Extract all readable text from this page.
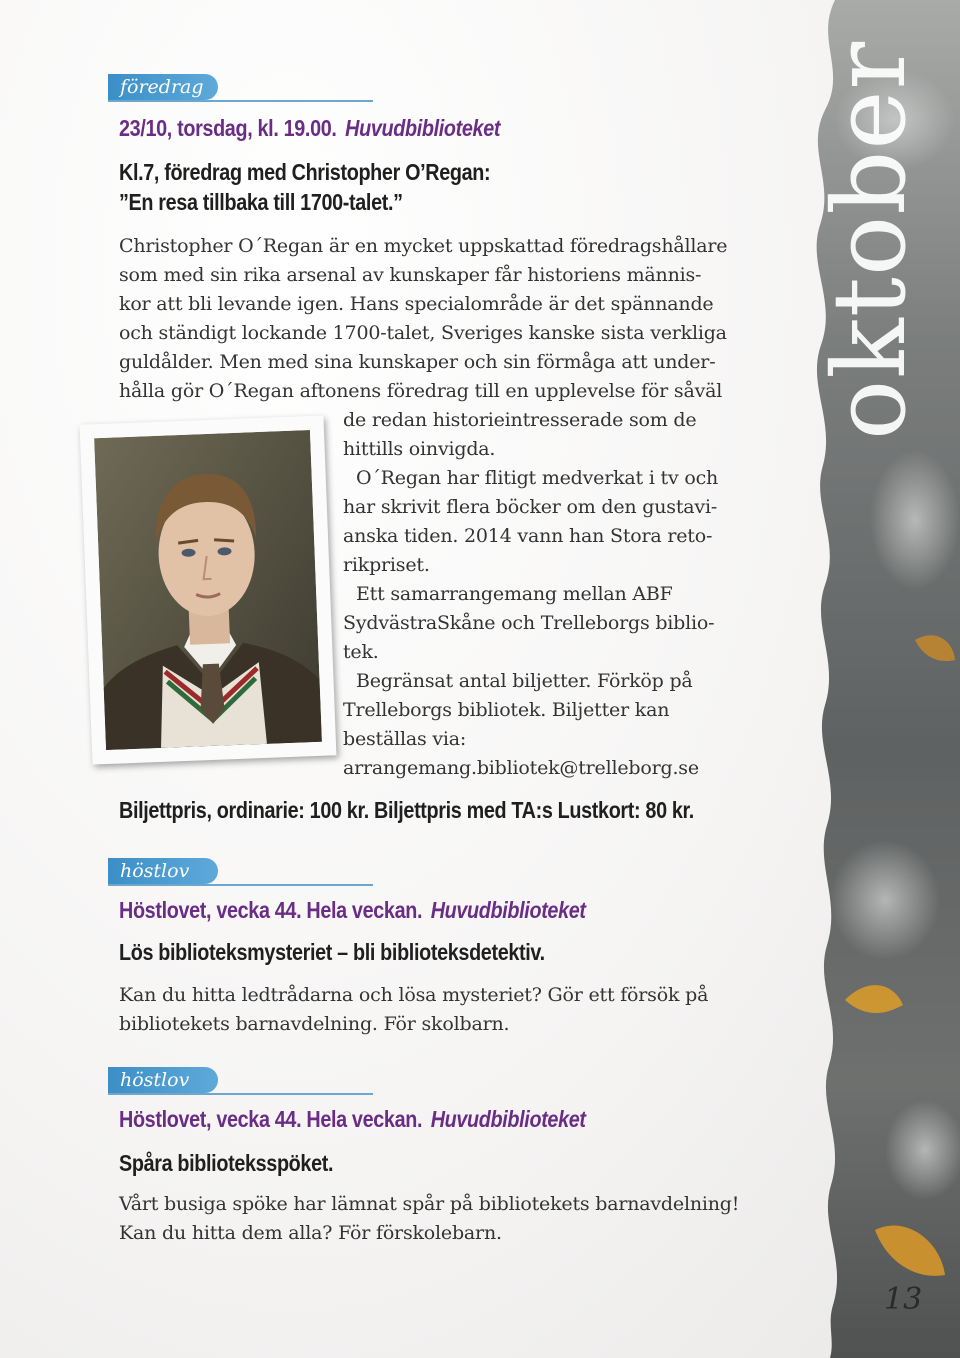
oktober
13
föredrag
23/10, torsdag, kl. 19.00. Huvudbiblioteket
Kl.7, föredrag med Christopher O’Regan:
”En resa tillbaka till 1700-talet.”
Christopher O´Regan är en mycket uppskattad föredragshållare
som med sin rika arsenal av kunskaper får historiens männis-
kor att bli levande igen. Hans specialområde är det spännande
och ständigt lockande 1700-talet, Sveriges kanske sista verkliga
guldålder. Men med sina kunskaper och sin förmåga att under-
hålla gör O´Regan aftonens föredrag till en upplevelse för såväl
de redan historieintresserade som de
hittills oinvigda.
O´Regan har flitigt medverkat i tv och
har skrivit flera böcker om den gustavi-
anska tiden. 2014 vann han Stora reto-
rikpriset.
Ett samarrangemang mellan ABF
SydvästraSkåne och Trelleborgs biblio-
tek.
Begränsat antal biljetter. Förköp på
Trelleborgs bibliotek. Biljetter kan
beställas via:
arrangemang.bibliotek@trelleborg.se
Biljettpris, ordinarie: 100 kr. Biljettpris med TA:s Lustkort: 80 kr.
höstlov
Höstlovet, vecka 44. Hela veckan. Huvudbiblioteket
Lös biblioteksmysteriet – bli biblioteksdetektiv.
Kan du hitta ledtrådarna och lösa mysteriet? Gör ett försök på
bibliotekets barnavdelning. För skolbarn.
höstlov
Höstlovet, vecka 44. Hela veckan. Huvudbiblioteket
Spåra biblioteksspöket.
Vårt busiga spöke har lämnat spår på bibliotekets barnavdelning!
Kan du hitta dem alla? För förskolebarn.
